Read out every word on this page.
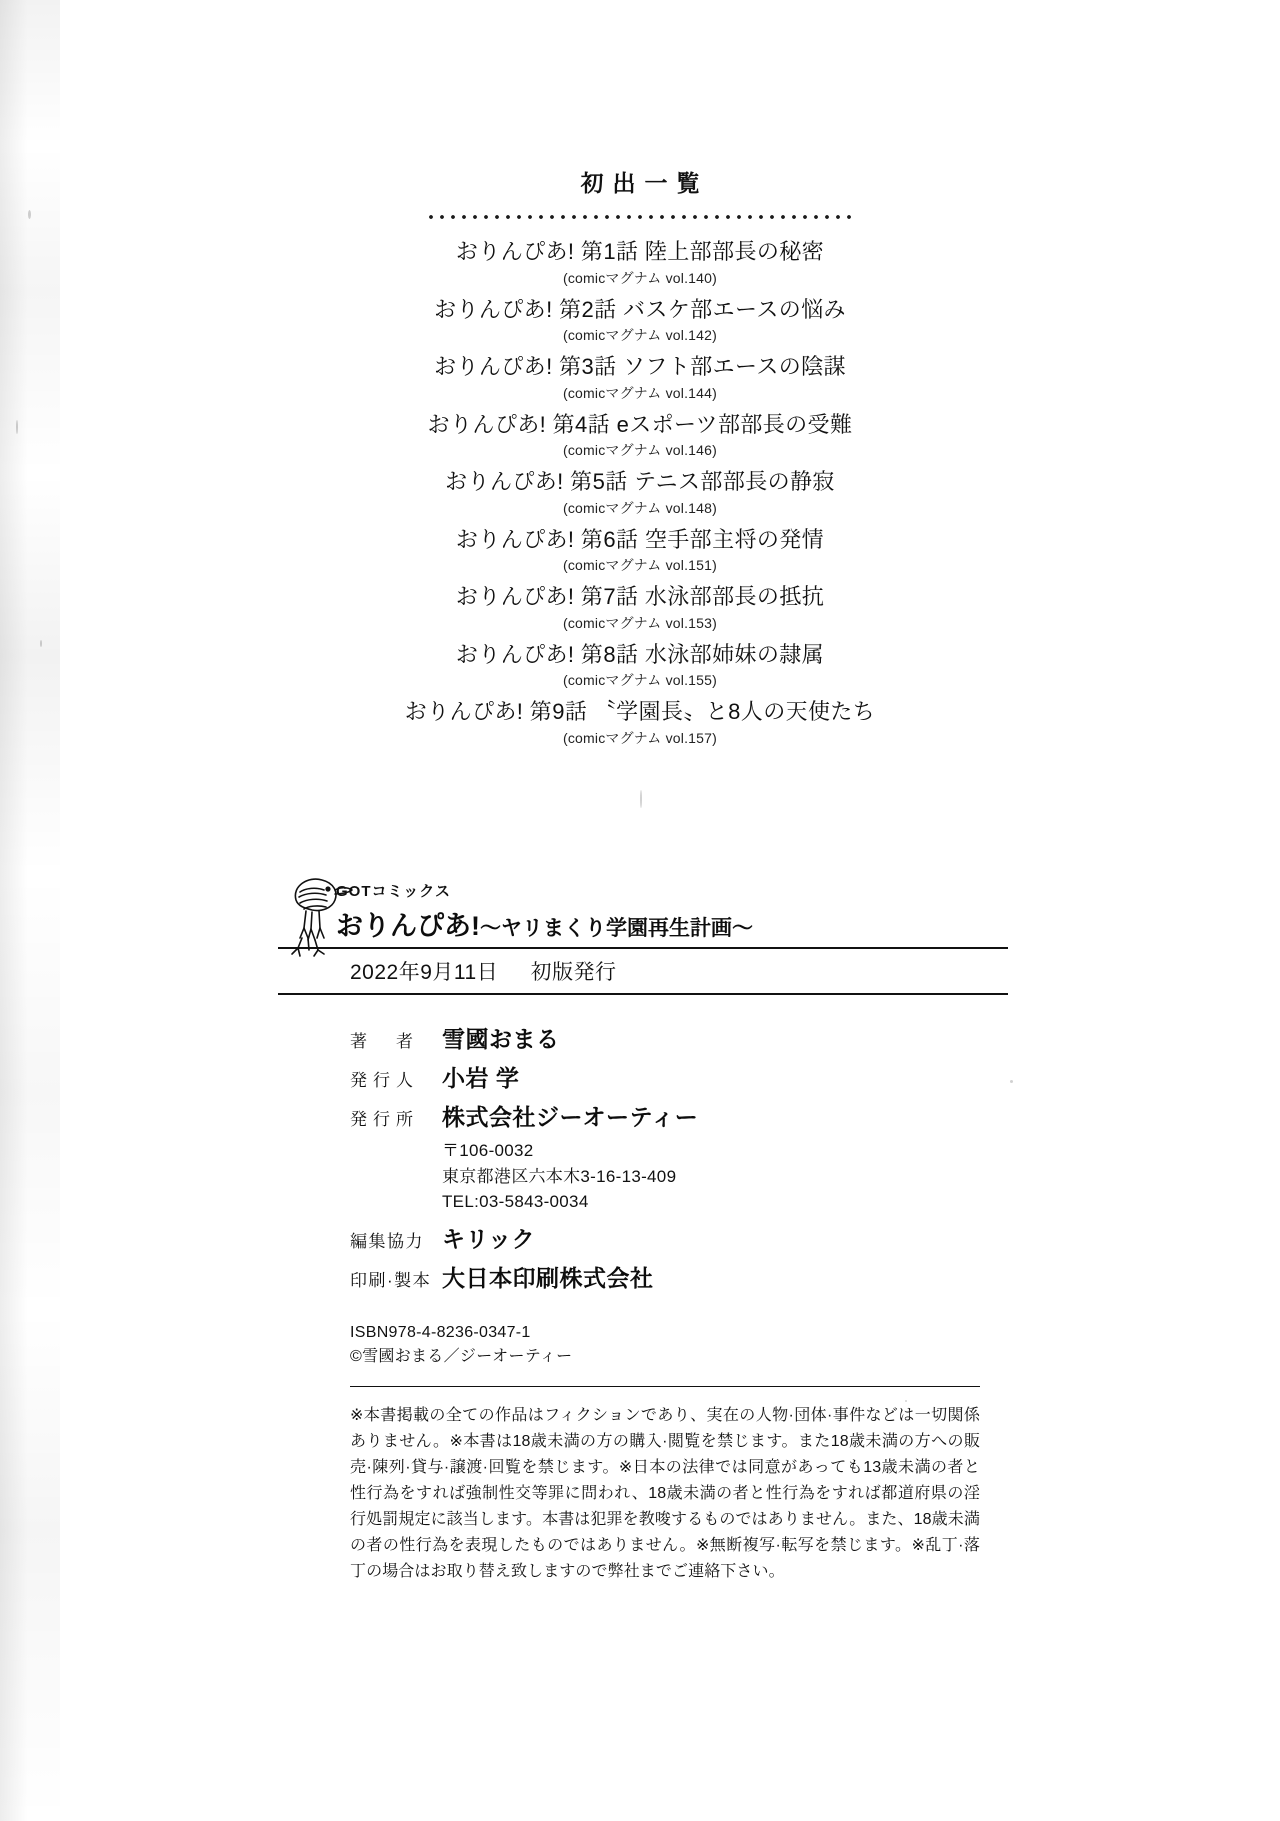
初出一覧
おりんぴあ! 第1話 陸上部部長の秘密
(comicマグナム vol.140)
おりんぴあ! 第2話 バスケ部エースの悩み
(comicマグナム vol.142)
おりんぴあ! 第3話 ソフト部エースの陰謀
(comicマグナム vol.144)
おりんぴあ! 第4話 eスポーツ部部長の受難
(comicマグナム vol.146)
おりんぴあ! 第5話 テニス部部長の静寂
(comicマグナム vol.148)
おりんぴあ! 第6話 空手部主将の発情
(comicマグナム vol.151)
おりんぴあ! 第7話 水泳部部長の抵抗
(comicマグナム vol.153)
おりんぴあ! 第8話 水泳部姉妹の隷属
(comicマグナム vol.155)
おりんぴあ! 第9話 〝学園長〟と8人の天使たち
(comicマグナム vol.157)
GOTコミックス
おりんぴあ! 〜ヤリまくり学園再生計画〜
2022年9月11日 初版発行
著　者	雪國おまる
発行人	小岩 学
発行所	株式会社ジーオーティー
〒106-0032
東京都港区六本木3-16-13-409
TEL:03-5843-0034
編集協力 キリック
印刷·製本 大日本印刷株式会社
ISBN978-4-8236-0347-1
©雪國おまる／ジーオーティー

※本書掲載の全ての作品はフィクションであり、実在の人物·団体·事件などは一切関係ありません。※本書は18歳未満の方の購入·閲覧を禁じます。また18歳未満の方への販売·陳列·貸与·譲渡·回覧を禁じます。※日本の法律では同意があっても13歳未満の者と性行為をすれば強制性交等罪に問われ、18歳未満の者と性行為をすれば都道府県の淫行処罰規定に該当します。本書は犯罪を教唆するものではありません。また、18歳未満の者の性行為を表現したものではありません。※無断複写·転写を禁じます。※乱丁·落丁の場合はお取り替え致しますので弊社までご連絡下さい。
